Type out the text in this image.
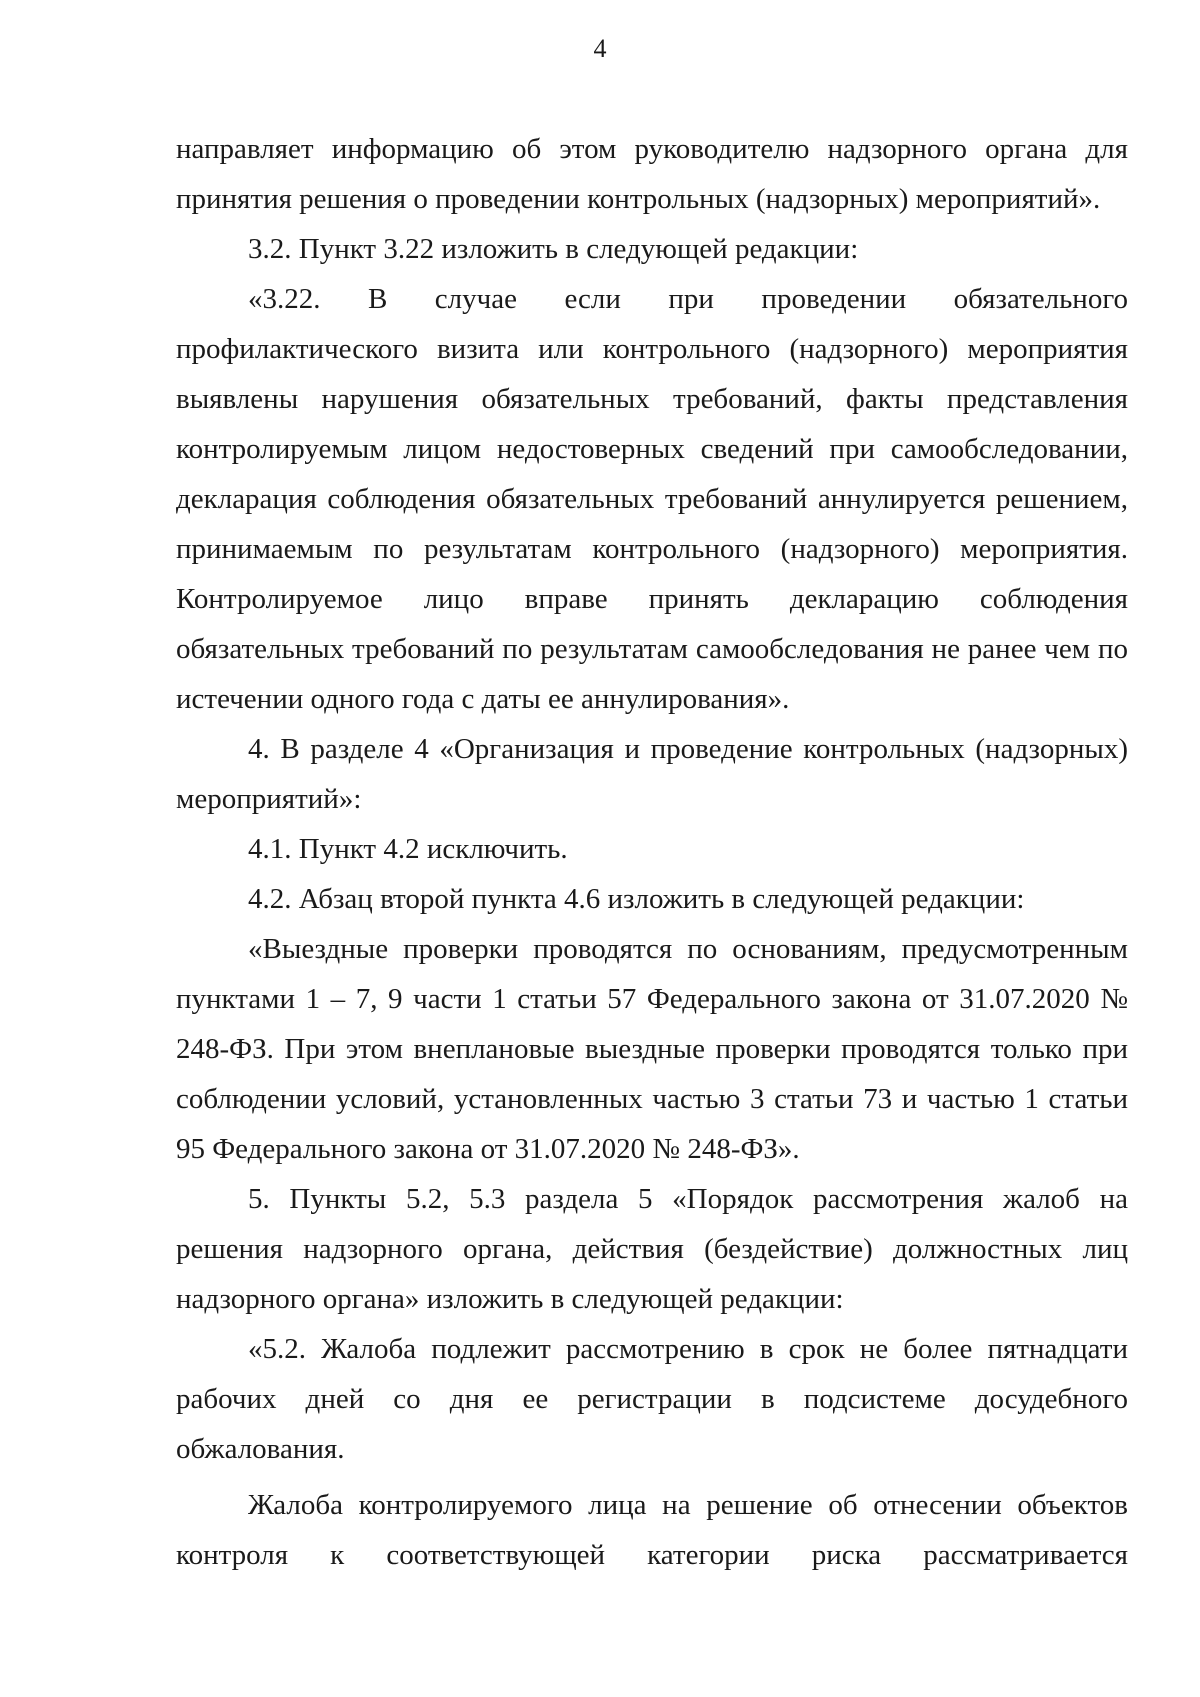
4

направляет информацию об этом руководителю надзорного органа для принятия решения о проведении контрольных (надзорных) мероприятий».

3.2. Пункт 3.22 изложить в следующей редакции:

«3.22. В случае если при проведении обязательного профилактического визита или контрольного (надзорного) мероприятия выявлены нарушения обязательных требований, факты представления контролируемым лицом недостоверных сведений при самообследовании, декларация соблюдения обязательных требований аннулируется решением, принимаемым по результатам контрольного (надзорного) мероприятия. Контролируемое лицо вправе принять декларацию соблюдения обязательных требований по результатам самообследования не ранее чем по истечении одного года с даты ее аннулирования».

4. В разделе 4 «Организация и проведение контрольных (надзорных) мероприятий»:

4.1. Пункт 4.2 исключить.

4.2. Абзац второй пункта 4.6 изложить в следующей редакции:

«Выездные проверки проводятся по основаниям, предусмотренным пунктами 1 – 7, 9 части 1 статьи 57 Федерального закона от 31.07.2020 № 248-ФЗ. При этом внеплановые выездные проверки проводятся только при соблюдении условий, установленных частью 3 статьи 73 и частью 1 статьи 95 Федерального закона от 31.07.2020 № 248-ФЗ».

5. Пункты 5.2, 5.3 раздела 5 «Порядок рассмотрения жалоб на решения надзорного органа, действия (бездействие) должностных лиц надзорного органа» изложить в следующей редакции:

«5.2. Жалоба подлежит рассмотрению в срок не более пятнадцати рабочих дней со дня ее регистрации в подсистеме досудебного обжалования.

Жалоба контролируемого лица на решение об отнесении объектов контроля к соответствующей категории риска рассматривается
